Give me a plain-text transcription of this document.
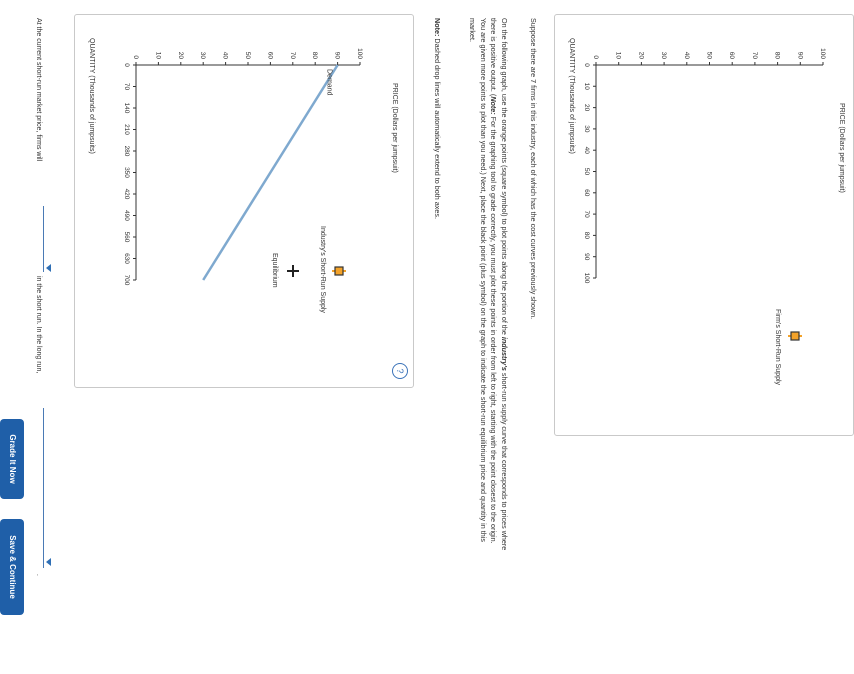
PRICE (Dollars per jumpsuit)
0 10 20 30 40 50 60 70 80 90 100
0
10
20
30
40
50
60
70
80
90
100
QUANTITY (Thousands of jumpsuits)
Firm's Short-Run Supply
Suppose there are 7 firms in this industry, each of which has the cost curves previously shown.
On the following graph, use the orange points (square symbol) to plot points along the portion of the industry's short-run supply curve that corresponds to prices where there is positive output. (Note: For the graphing tool to grade correctly, you must plot these points in order from left to right, starting with the point closest to the origin. You are given more points to plot than you need.) Next, place the black point (plus symbol) on the graph to indicate the short-run equilibrium price and quantity in this market.
Note: Dashed drop lines will automatically extend to both axes.
PRICE (Dollars per jumpsuit)
0 10 20 30 40 50 60 70 80 90 100
0
70
140
210
280
350
420
490
560
630
700
Demand
QUANTITY (Thousands of jumpsuits)
Industry's Short-Run Supply
Equilibrium
?
At the current short-run market price, firms will
in the short run. In the long run,
.
Grade It Now
Save & Continue
